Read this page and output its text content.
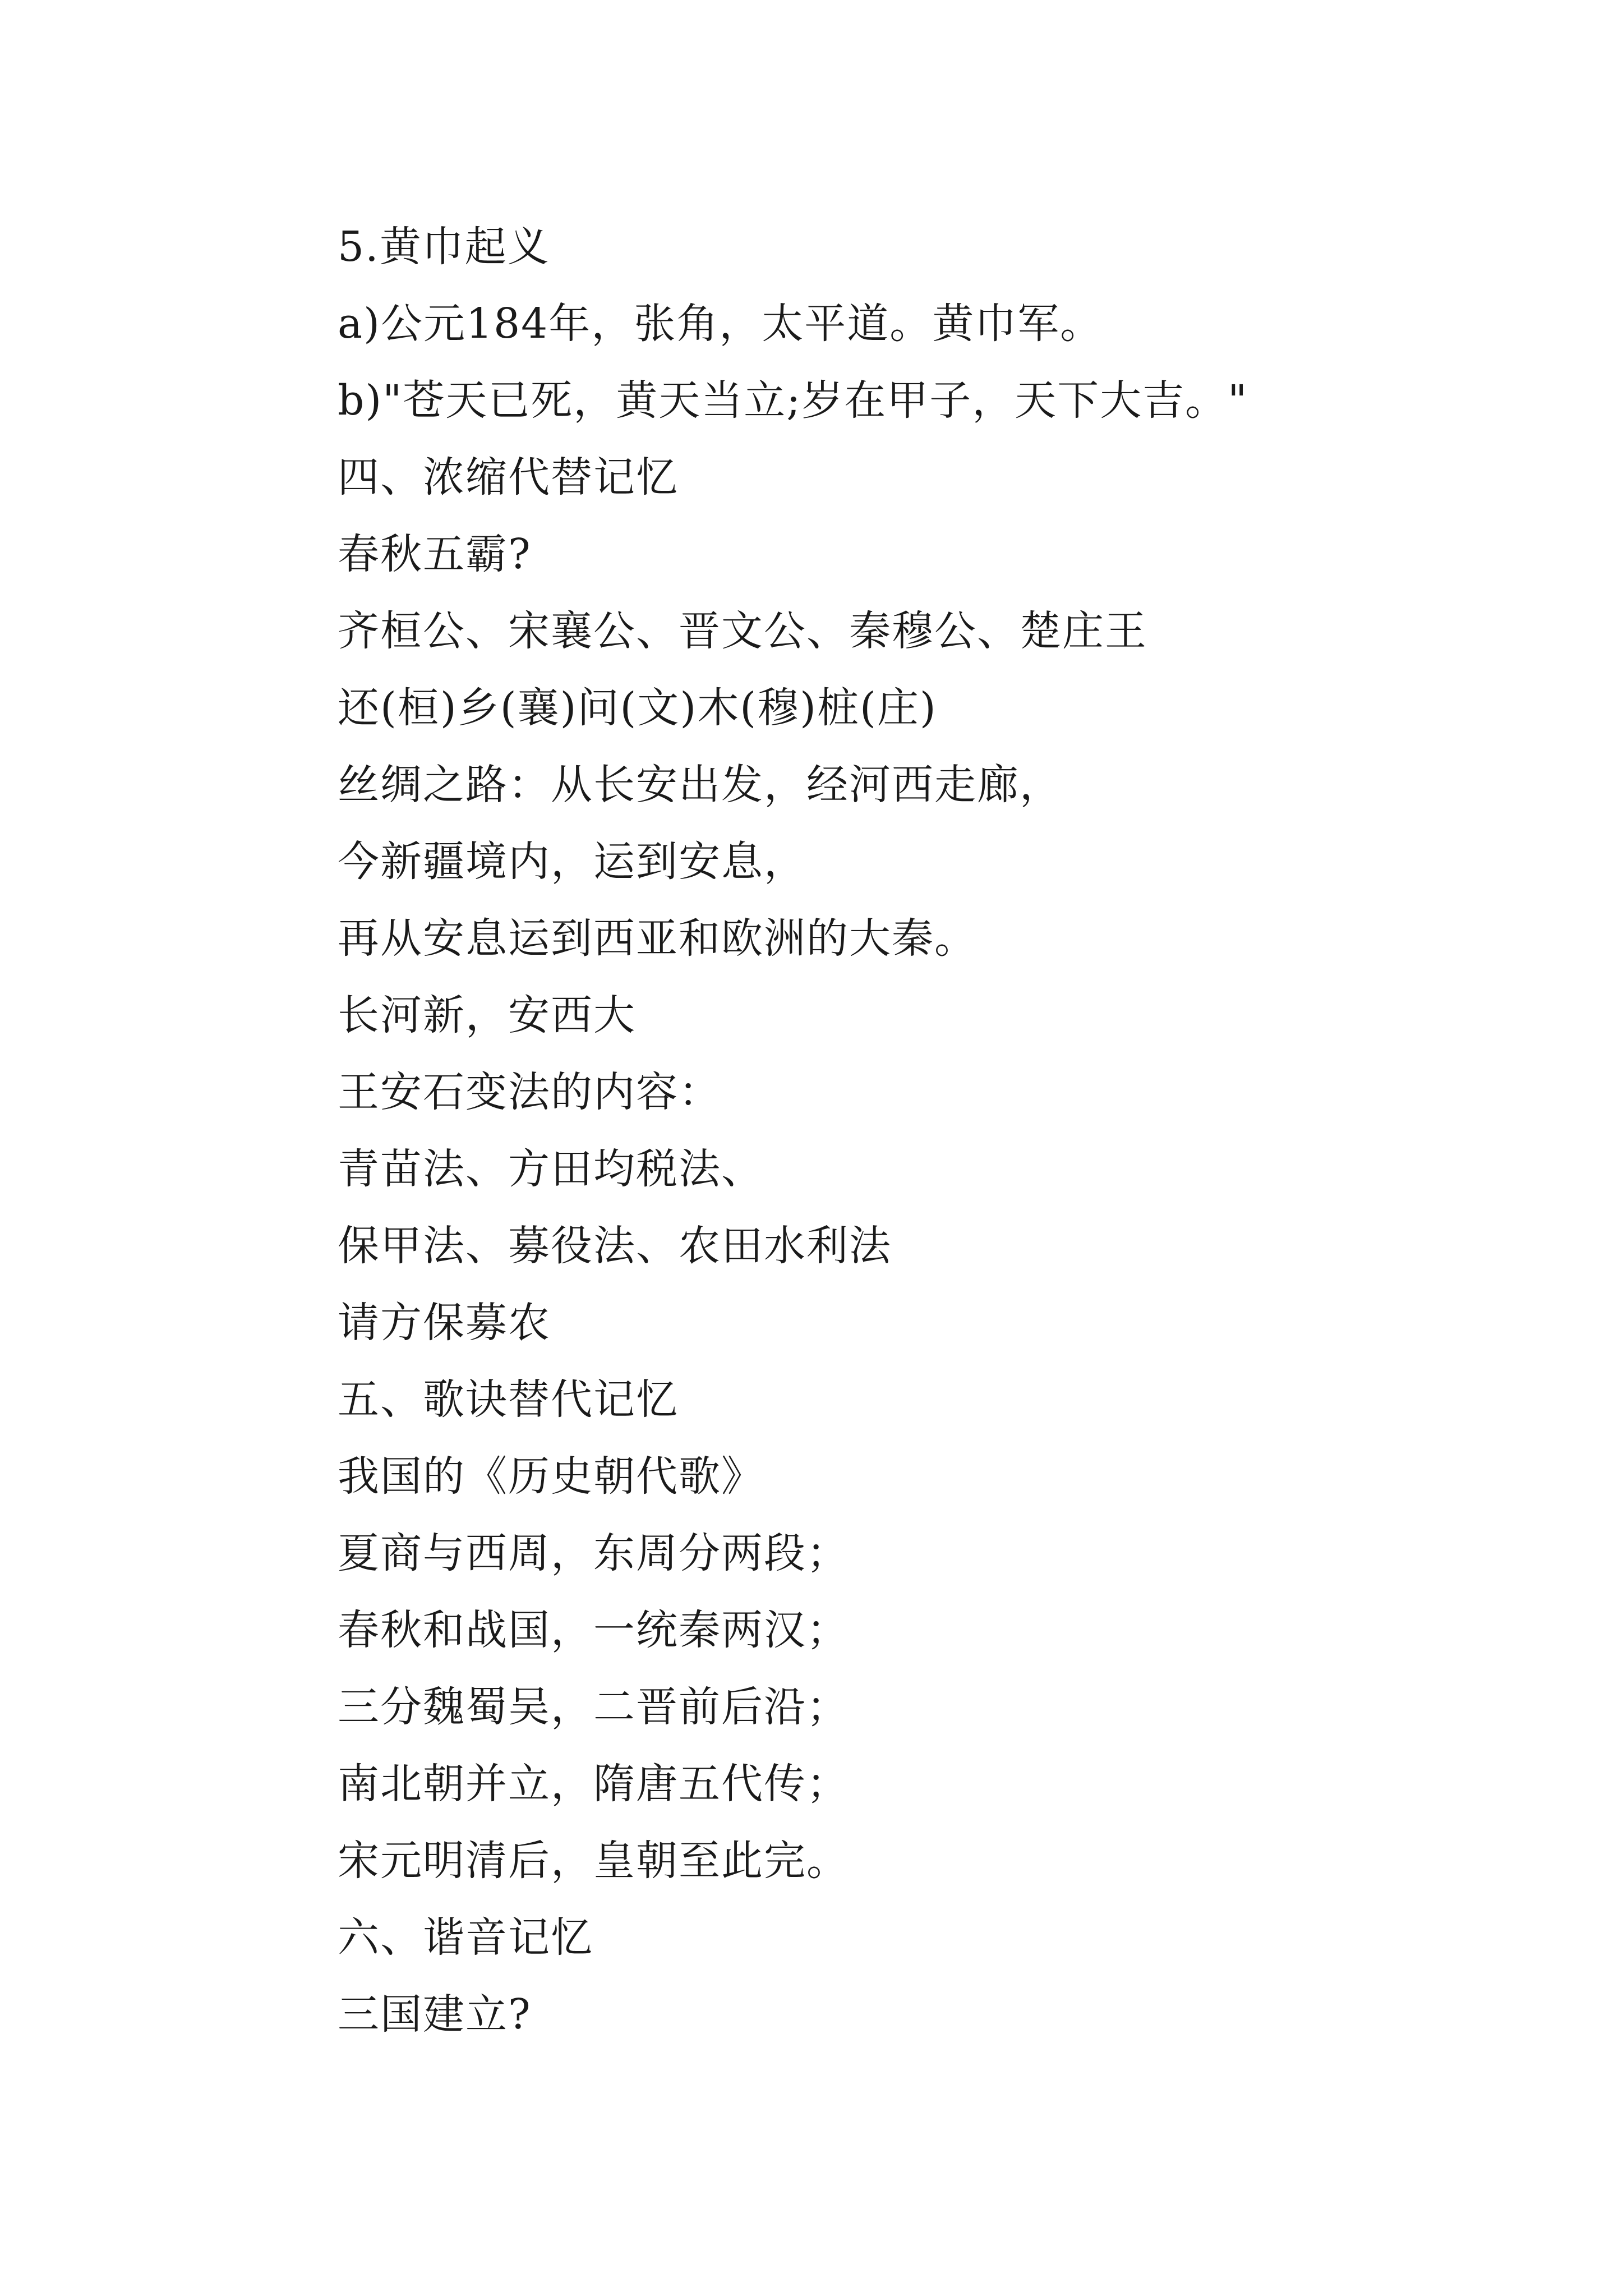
5.黄巾起义
a)公元184年，张角，太平道。黄巾军。
b)"苍天已死，黄天当立;岁在甲子，天下大吉。"
四、浓缩代替记忆
春秋五霸?
齐桓公、宋襄公、晋文公、秦穆公、楚庄王
还(桓)乡(襄)问(文)木(穆)桩(庄)
丝绸之路：从长安出发，经河西走廊，
今新疆境内，运到安息，
再从安息运到西亚和欧洲的大秦。
长河新，安西大
王安石变法的内容：
青苗法、方田均税法、
保甲法、募役法、农田水利法
请方保募农
五、歌诀替代记忆
我国的《历史朝代歌》
夏商与西周，东周分两段；
春秋和战国，一统秦两汉；
三分魏蜀吴，二晋前后沿；
南北朝并立，隋唐五代传；
宋元明清后，皇朝至此完。
六、谐音记忆
三国建立?
